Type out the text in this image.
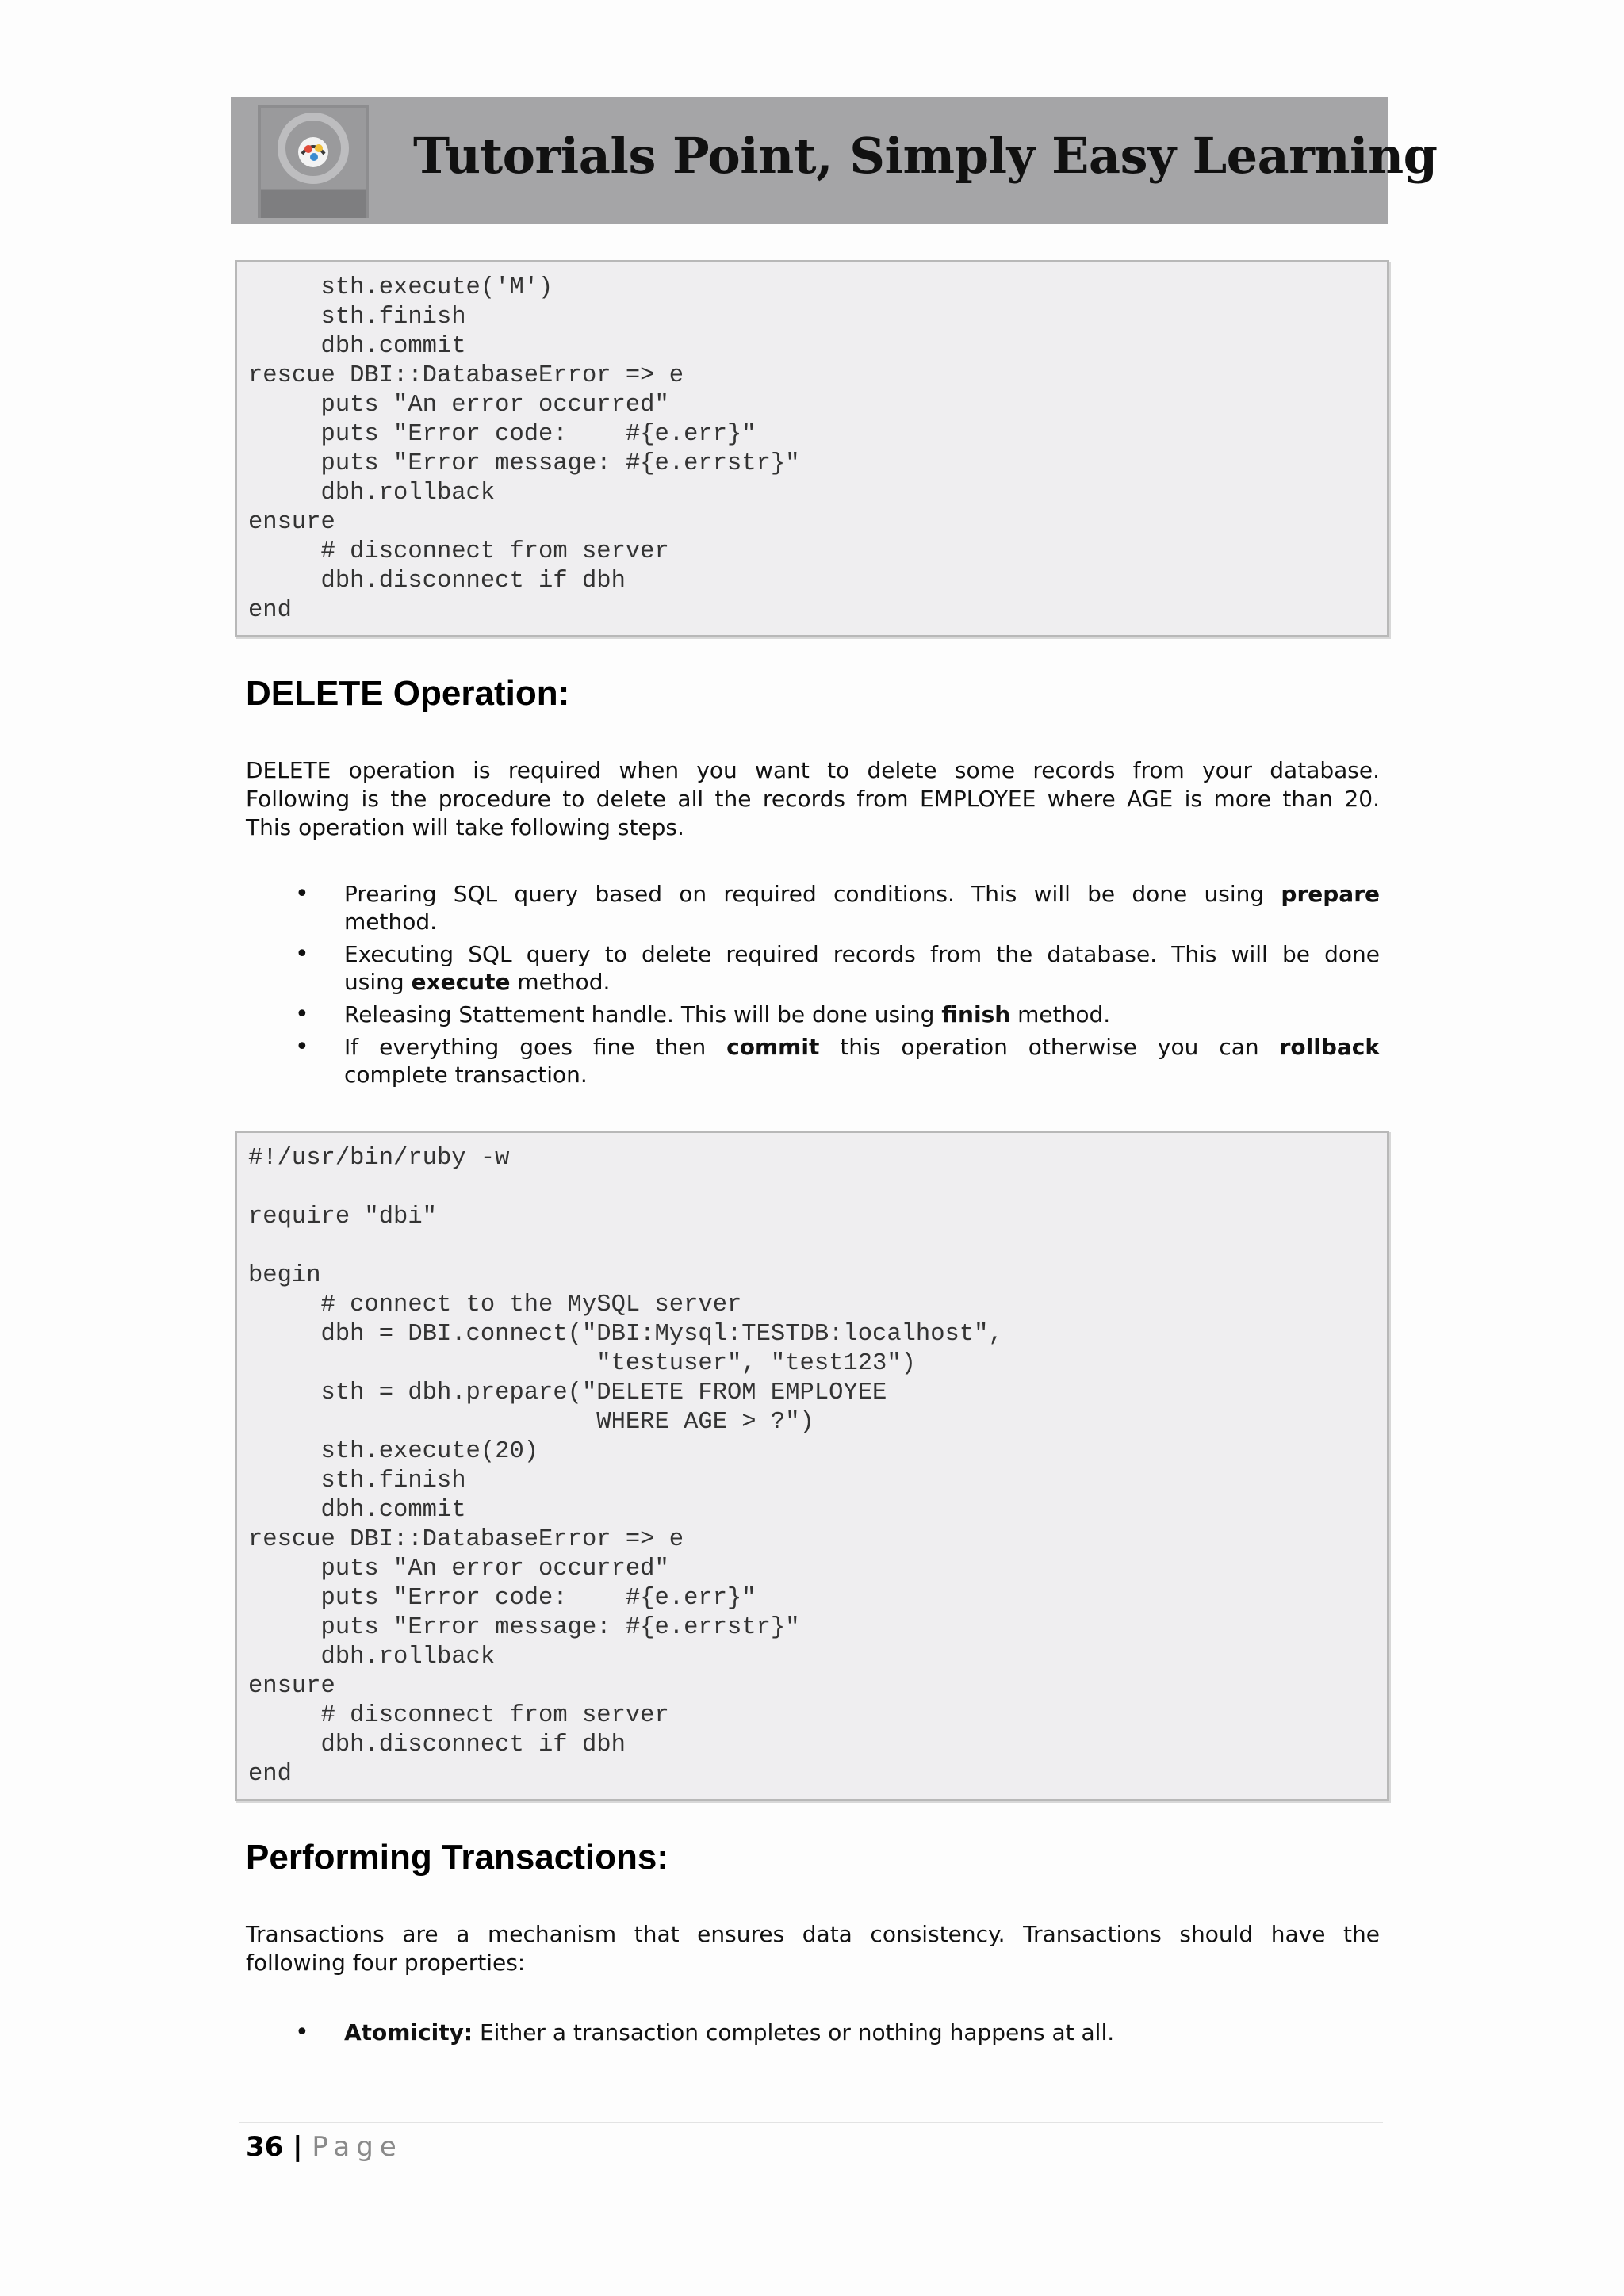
Tutorials Point, Simply Easy Learning
sth.execute('M')
sth.finish
dbh.commit
rescue DBI::DatabaseError => e
puts "An error occurred"
puts "Error code:    #{e.err}"
puts "Error message: #{e.errstr}"
dbh.rollback
ensure
# disconnect from server
dbh.disconnect if dbh
end
DELETE Operation:
DELETE operation is required when you want to delete some records from your database.
Following is the procedure to delete all the records from EMPLOYEE where AGE is more than 20.
This operation will take following steps.
• Prearing SQL query based on required conditions. This will be done using prepare
method.
• Executing SQL query to delete required records from the database. This will be done
using execute method.
• Releasing Stattement handle. This will be done using finish method.
• If everything goes fine then commit this operation otherwise you can rollback
complete transaction.
#!/usr/bin/ruby -w
require "dbi"
begin
# connect to the MySQL server
dbh = DBI.connect("DBI:Mysql:TESTDB:localhost",
"testuser", "test123")
sth = dbh.prepare("DELETE FROM EMPLOYEE
WHERE AGE > ?")
sth.execute(20)
sth.finish
dbh.commit
rescue DBI::DatabaseError => e
puts "An error occurred"
puts "Error code:    #{e.err}"
puts "Error message: #{e.errstr}"
dbh.rollback
ensure
# disconnect from server
dbh.disconnect if dbh
end
Performing Transactions:
Transactions are a mechanism that ensures data consistency. Transactions should have the
following four properties:
• Atomicity: Either a transaction completes or nothing happens at all.
36 | Page
